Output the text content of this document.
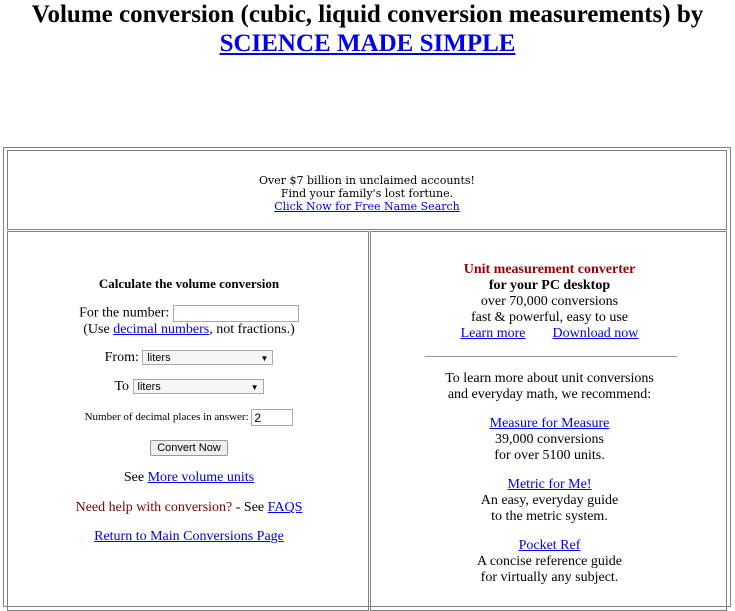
Volume conversion (cubic, liquid conversion measurements) by
SCIENCE MADE SIMPLE
Over $7 billion in unclaimed accounts!
Find your family's lost fortune.
Click Now for Free Name Search
Calculate the volume conversion
For the number:
(Use decimal numbers, not fractions.)
From: liters	▼
To liters	▼
Number of decimal places in answer: 2
Convert Now
See More volume units
Need help with conversion? - See FAQS
Return to Main Conversions Page
Unit measurement converter
for your PC desktop
over 70,000 conversions
fast & powerful, easy to use
Learn more Download now
To learn more about unit conversions
and everyday math, we recommend:
Measure for Measure
39,000 conversions
for over 5100 units.
Metric for Me!
An easy, everyday guide
to the metric system.
Pocket Ref
A concise reference guide
for virtually any subject.
